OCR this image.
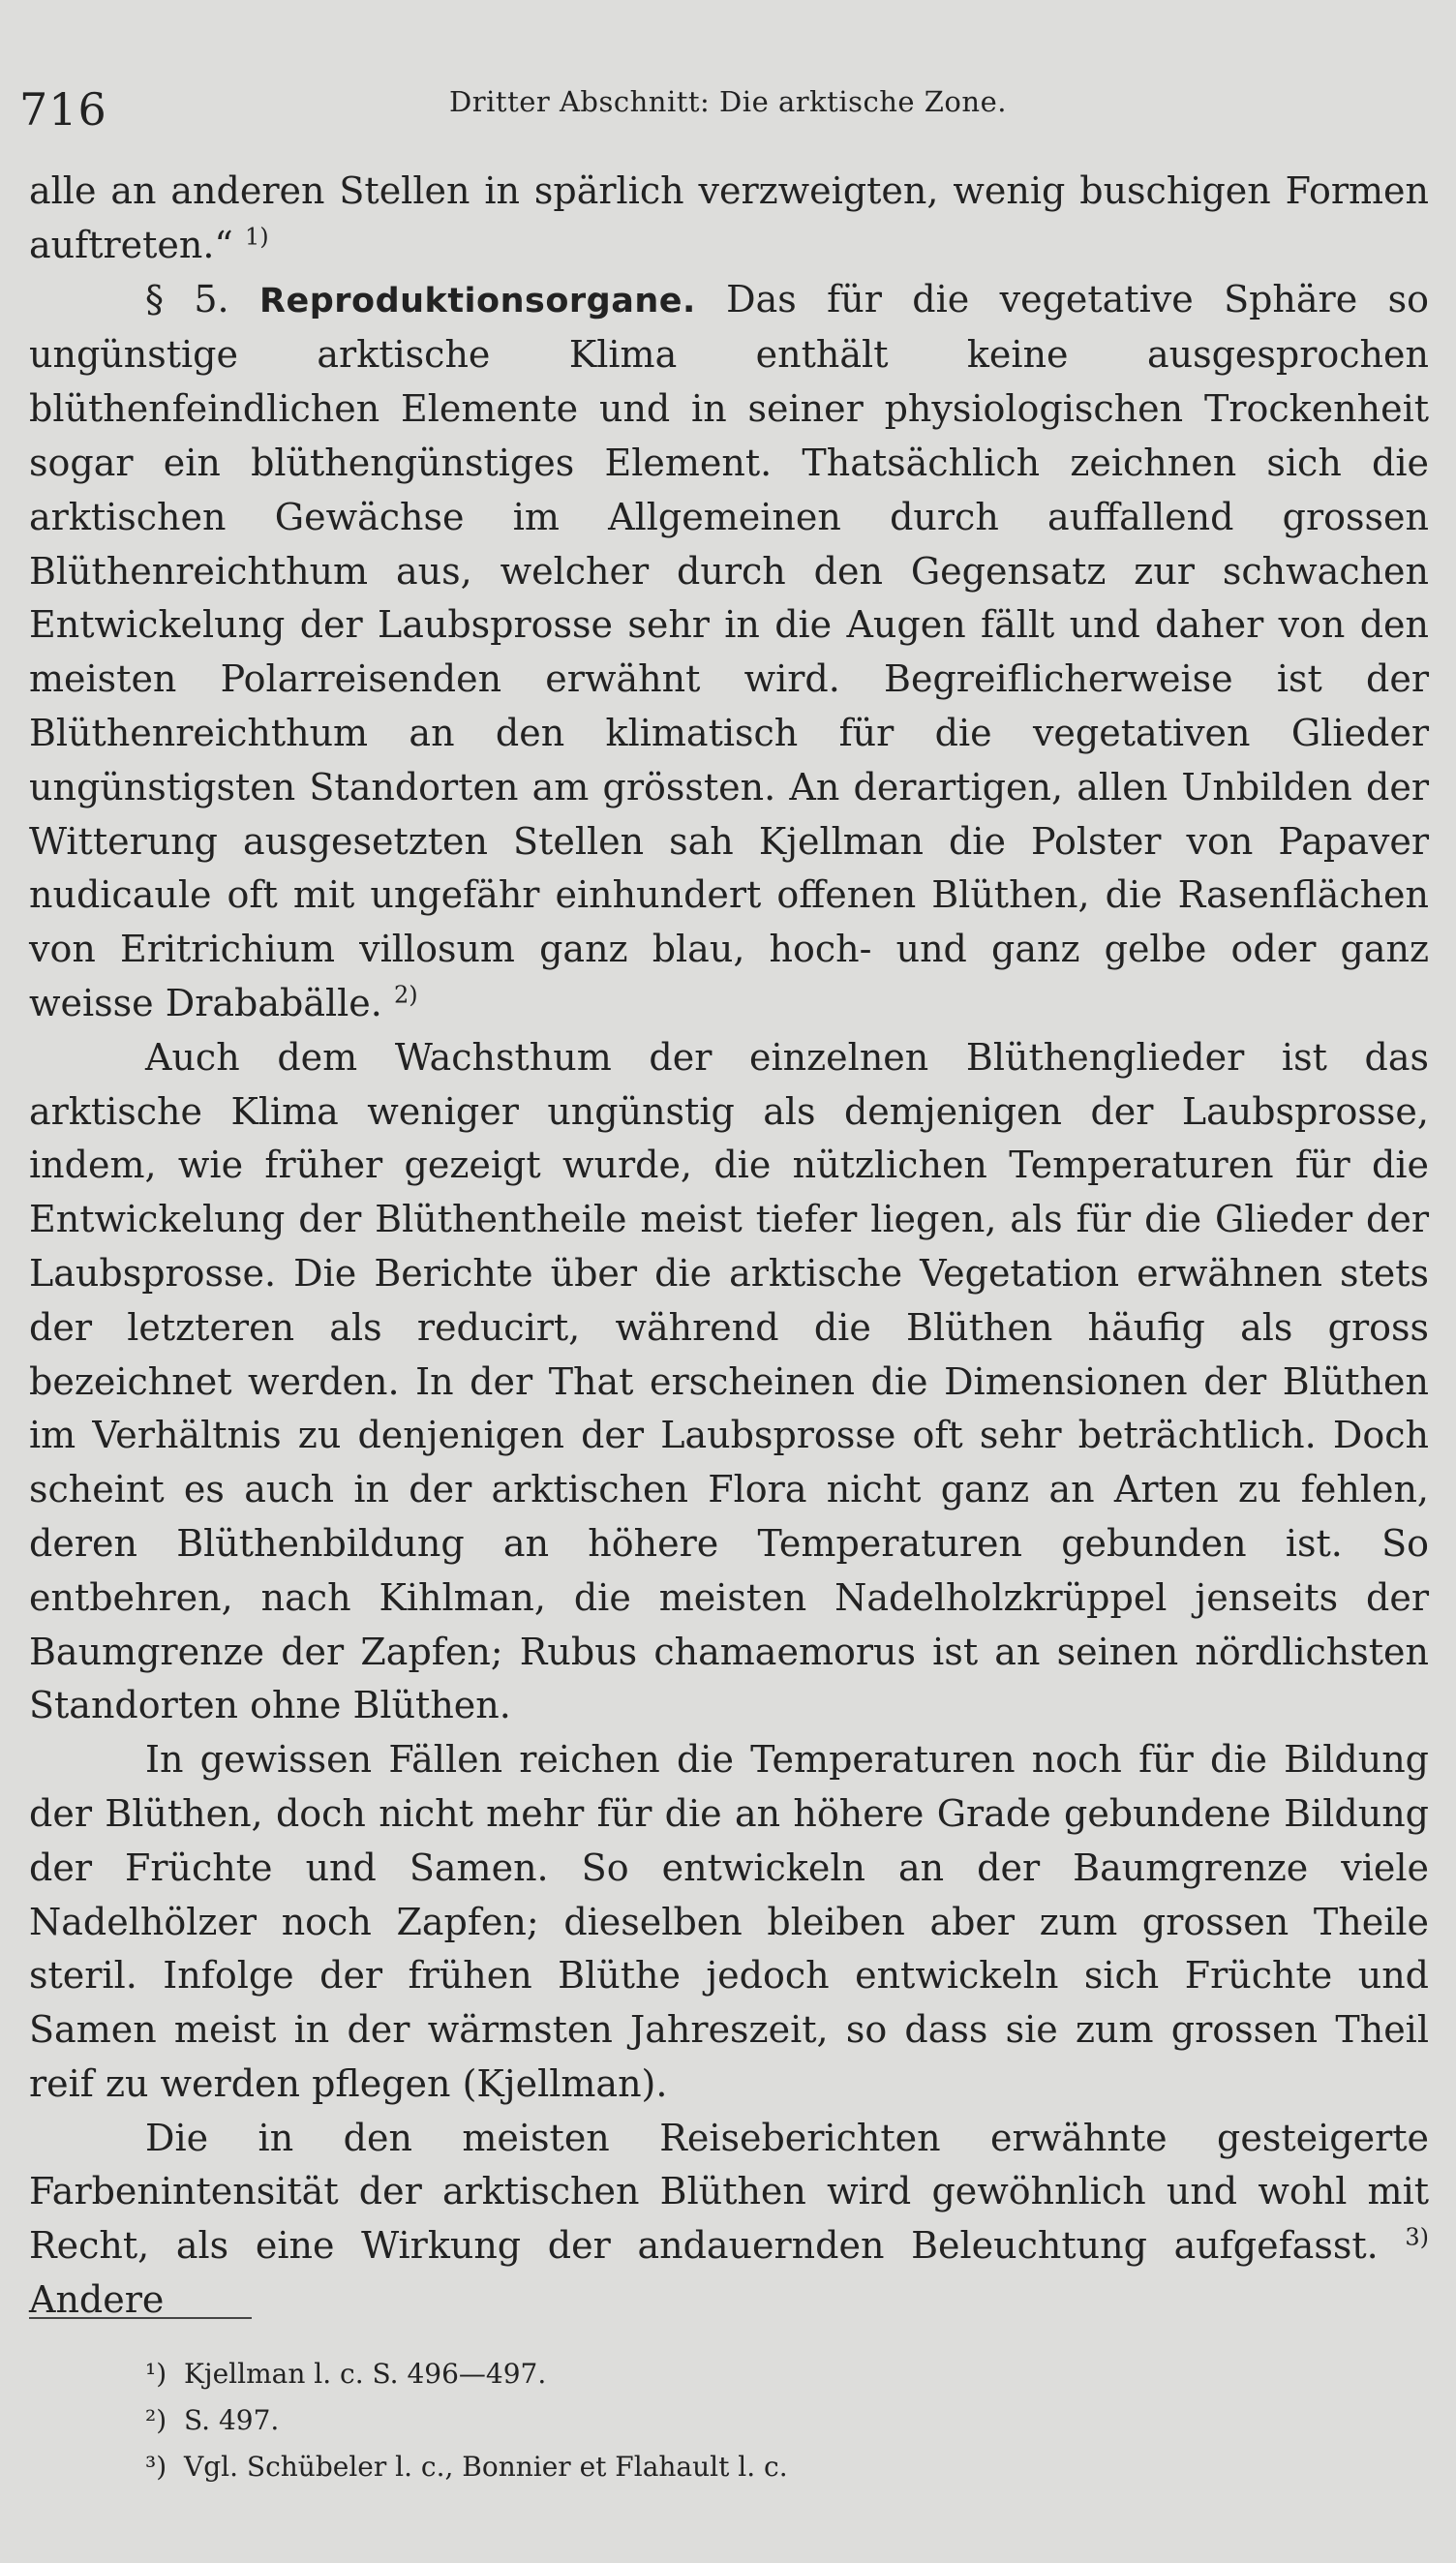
716	Dritter Abschnitt: Die arktische Zone.

alle an anderen Stellen in spärlich verzweigten, wenig buschigen Formen auftreten.“ $^{1)}$

§ 5. Reproduktionsorgane. Das für die vegetative Sphäre so ungünstige arktische Klima enthält keine ausgesprochen blüthenfeindlichen Elemente und in seiner physiologischen Trockenheit sogar ein blüthengünstiges Element. Thatsächlich zeichnen sich die arktischen Gewächse im Allgemeinen durch auffallend grossen Blüthenreichthum aus, welcher durch den Gegensatz zur schwachen Entwickelung der Laubsprosse sehr in die Augen fällt und daher von den meisten Polarreisenden erwähnt wird. Begreiflicherweise ist der Blüthenreichthum an den klimatisch für die vegetativen Glieder ungünstigsten Standorten am grössten. An derartigen, allen Unbilden der Witterung ausgesetzten Stellen sah Kjellman die Polster von Papaver nudicaule oft mit ungefähr einhundert offenen Blüthen, die Rasenflächen von Eritrichium villosum ganz blau, hoch- und ganz gelbe oder ganz weisse Drababälle. $^{2)}$

Auch dem Wachsthum der einzelnen Blüthenglieder ist das arktische Klima weniger ungünstig als demjenigen der Laubsprosse, indem, wie früher gezeigt wurde, die nützlichen Temperaturen für die Entwickelung der Blüthentheile meist tiefer liegen, als für die Glieder der Laubsprosse. Die Berichte über die arktische Vegetation erwähnen stets der letzteren als reducirt, während die Blüthen häufig als gross bezeichnet werden. In der That erscheinen die Dimensionen der Blüthen im Verhältnis zu denjenigen der Laubsprosse oft sehr beträchtlich. Doch scheint es auch in der arktischen Flora nicht ganz an Arten zu fehlen, deren Blüthenbildung an höhere Temperaturen gebunden ist. So entbehren, nach Kihlman, die meisten Nadelholzkrüppel jenseits der Baumgrenze der Zapfen; Rubus chamaemorus ist an seinen nördlichsten Standorten ohne Blüthen.

In gewissen Fällen reichen die Temperaturen noch für die Bildung der Blüthen, doch nicht mehr für die an höhere Grade gebundene Bildung der Früchte und Samen. So entwickeln an der Baumgrenze viele Nadelhölzer noch Zapfen; dieselben bleiben aber zum grossen Theile steril. Infolge der frühen Blüthe jedoch entwickeln sich Früchte und Samen meist in der wärmsten Jahreszeit, so dass sie zum grossen Theil reif zu werden pflegen (Kjellman).

Die in den meisten Reiseberichten erwähnte gesteigerte Farbenintensität der arktischen Blüthen wird gewöhnlich und wohl mit Recht, als eine Wirkung der andauernden Beleuchtung aufgefasst. $^{3)}$ Andere

¹) Kjellman l. c. S. 496—497.
²) S. 497.
³) Vgl. Schübeler l. c., Bonnier et Flahault l. c.
